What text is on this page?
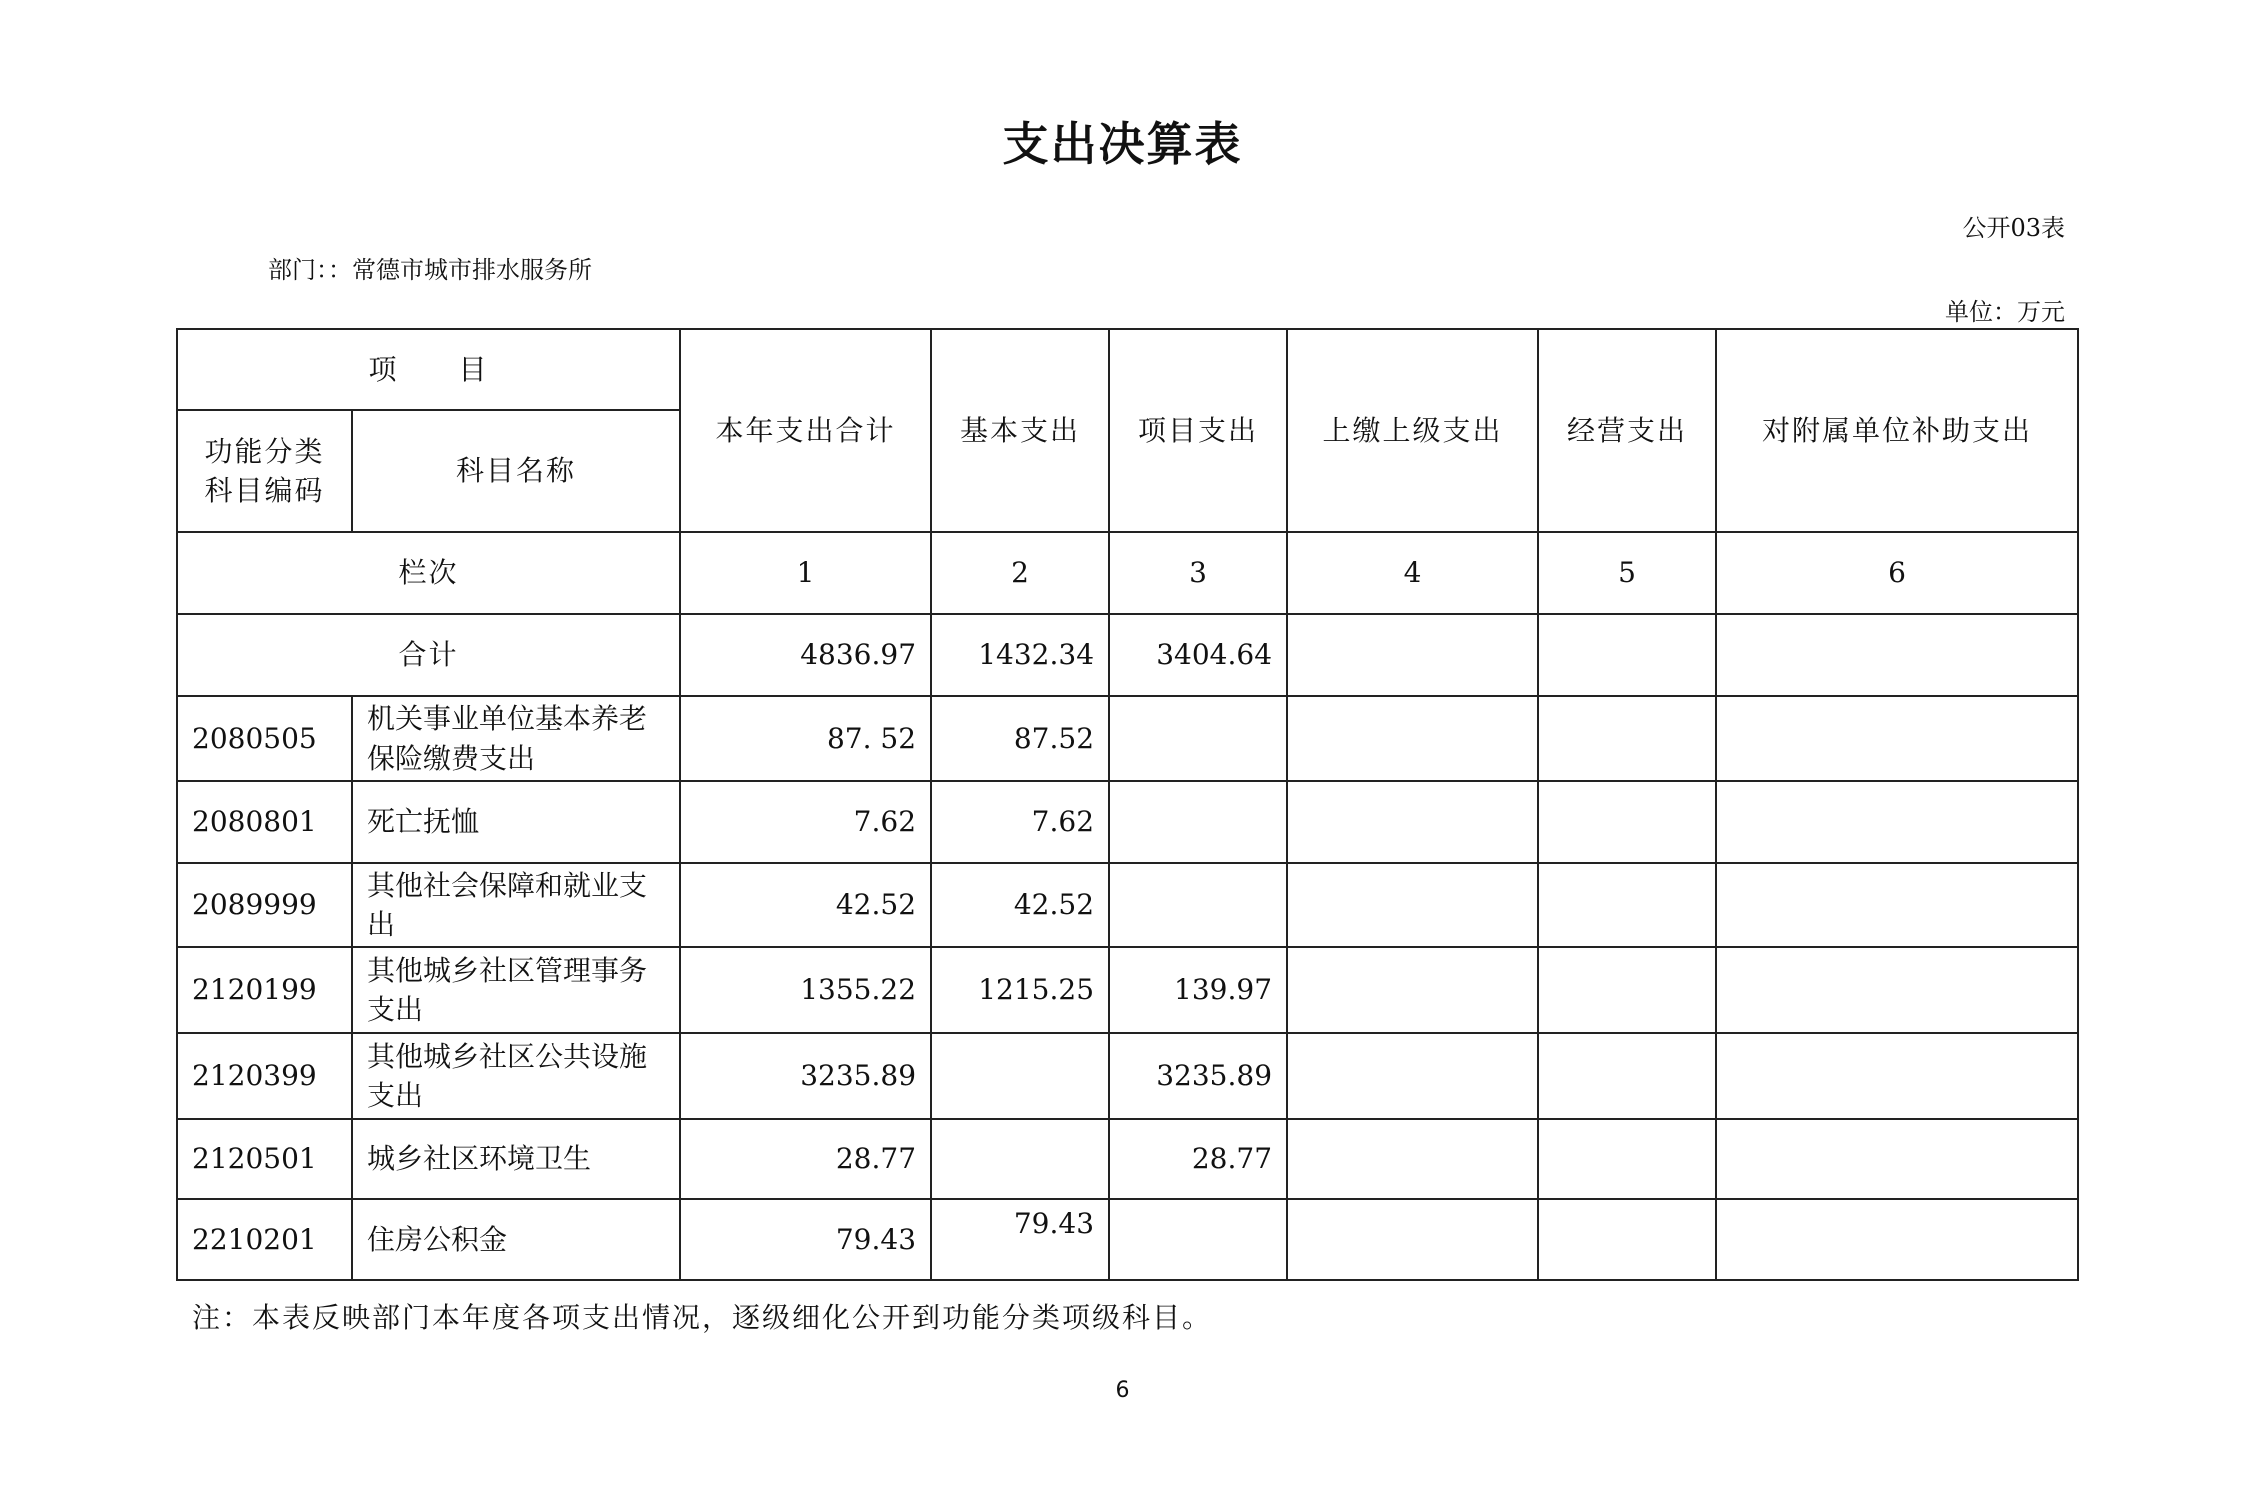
支出决算表
公开03表
部门：：常德市城市排水服务所
单位：万元
项　　目		本年支出合计	基本支出	项目支出	上缴上级支出	经营支出	对附属单位补助支出
功能分类科目编码	科目名称						
栏次		1	2	3	4	5	6
合计		4836.97	1432.34	3404.64			
2080505	机关事业单位基本养老保险缴费支出	87. 52	87.52				
2080801	死亡抚恤	7.62	7.62				
2089999	其他社会保障和就业支出	42.52	42.52				
2120199	其他城乡社区管理事务支出	1355.22	1215.25	139.97			
2120399	其他城乡社区公共设施支出	3235.89		3235.89			
2120501	城乡社区环境卫生	28.77		28.77			
2210201	住房公积金	79.43	79.43				
注：本表反映部门本年度各项支出情况，逐级细化公开到功能分类项级科目。
6
